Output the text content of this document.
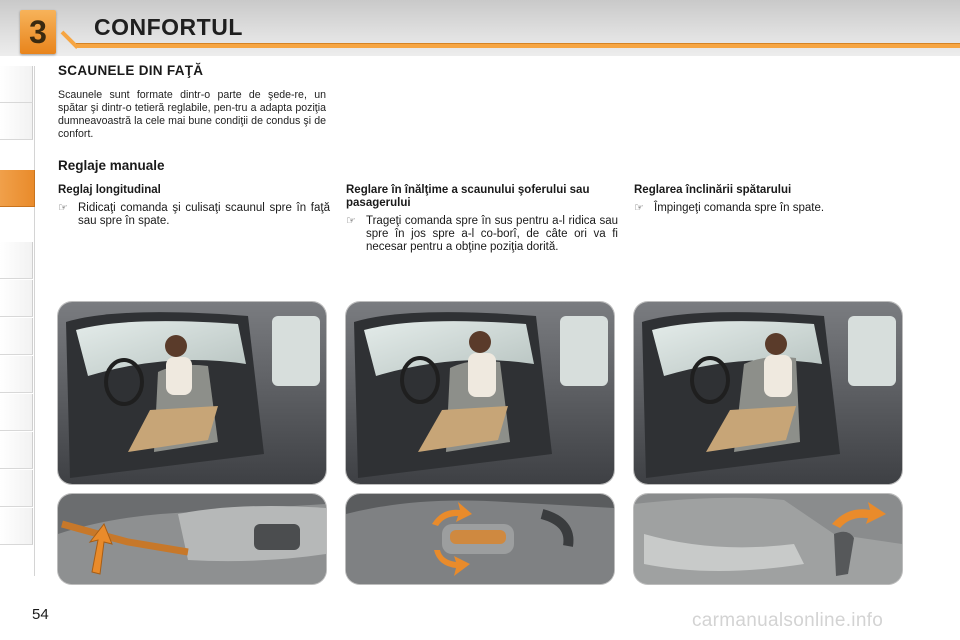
3 CONFORTUL
SCAUNELE DIN FAŢĂ
Scaunele sunt formate dintr-o parte de şede-re, un spătar şi dintr-o tetieră reglabile, pen-tru a adapta poziţia dumneavoastră la cele mai bune condiţii de condus şi de confort.
Reglaje manuale
Reglaj longitudinal
☞ Ridicaţi comanda şi culisaţi scaunul spre în faţă sau spre în spate.
Reglare în înălţime a scaunului şoferului sau pasagerului
☞ Trageţi comanda spre în sus pentru a-l ridica sau spre în jos spre a-l co-borî, de câte ori va fi necesar pentru a obţine poziţia dorită.
Reglarea înclinării spătarului
☞ Împingeţi comanda spre în spate.
54	carmanualsonline.info
